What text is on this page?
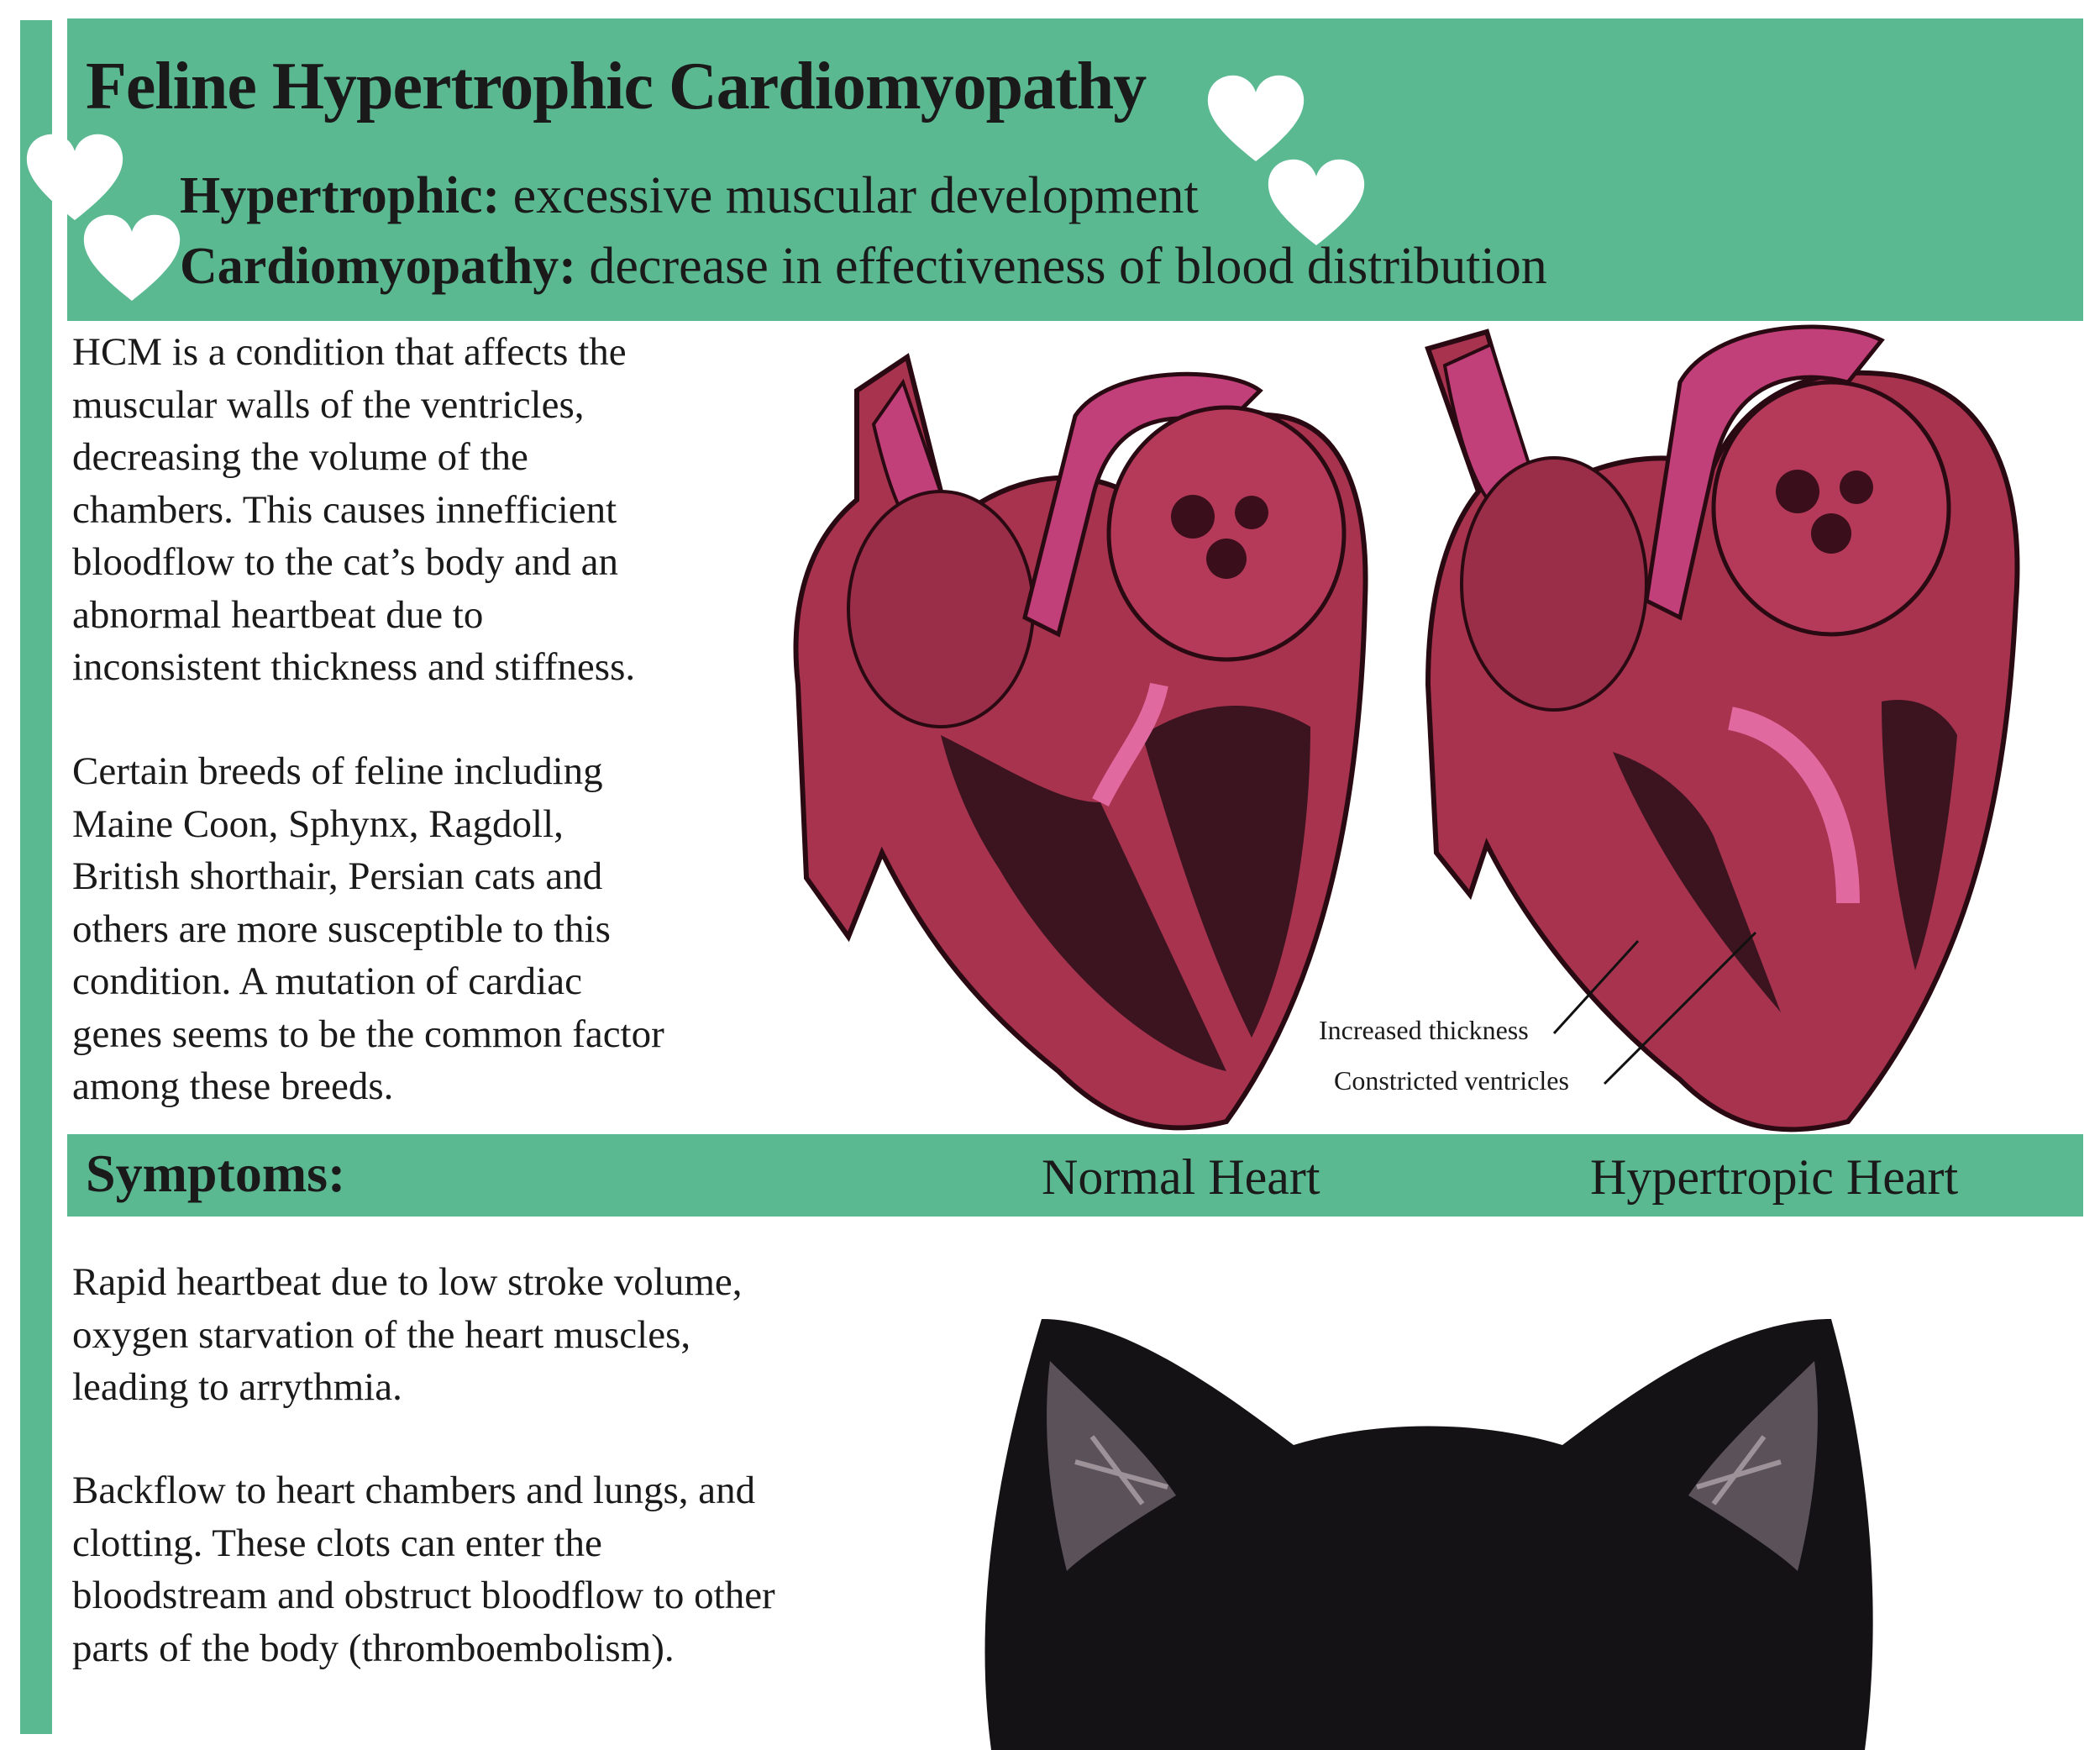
Feline Hypertrophic Cardiomyopathy
Hypertrophic: excessive muscular development
Cardiomyopathy: decrease in effectiveness of blood distribution
HCM is a condition that affects the
muscular walls of the ventricles,
decreasing the volume of the
chambers. This causes innefficient
bloodflow to the cat’s body and an
abnormal heartbeat due to
inconsistent thickness and stiffness.
Certain breeds of feline including
Maine Coon, Sphynx, Ragdoll,
British shorthair, Persian cats and
others are more susceptible to this
condition. A mutation of cardiac
genes seems to be the common factor
among these breeds.
Increased thickness
Constricted ventricles
Symptoms:	Normal Heart	Hypertropic Heart
Rapid heartbeat due to low stroke volume,
oxygen starvation of the heart muscles,
leading to arrythmia.
Backflow to heart chambers and lungs, and
clotting. These clots can enter the
bloodstream and obstruct bloodflow to other
parts of the body (thromboembolism).
